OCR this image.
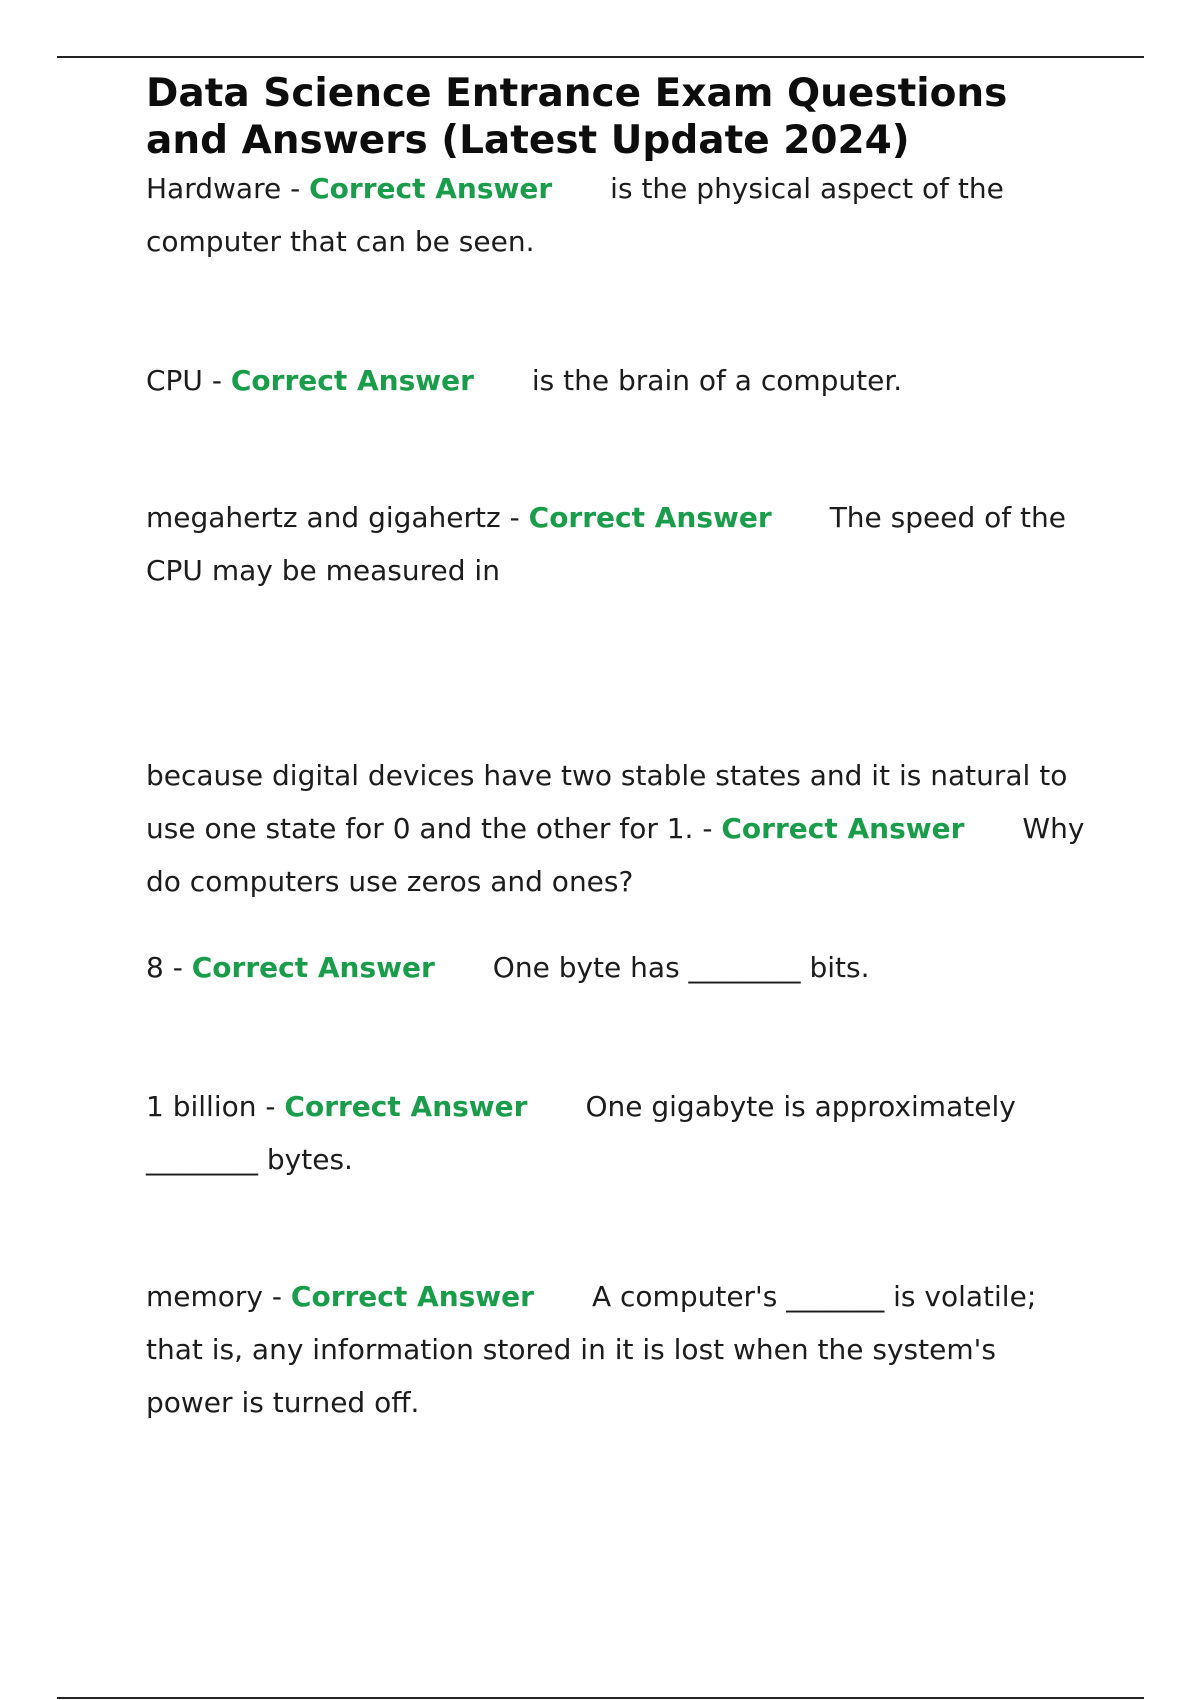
Data Science Entrance Exam Questions and Answers (Latest Update 2024)

Hardware - Correct Answer is the physical aspect of the computer that can be seen.

CPU - Correct Answer is the brain of a computer.

megahertz and gigahertz - Correct Answer The speed of the CPU may be measured in

because digital devices have two stable states and it is natural to use one state for 0 and the other for 1. - Correct Answer Why do computers use zeros and ones?

8 - Correct Answer One byte has ________ bits.

1 billion - Correct Answer One gigabyte is approximately ________ bytes.

memory - Correct Answer A computer's _______ is volatile; that is, any information stored in it is lost when the system's power is turned off.
